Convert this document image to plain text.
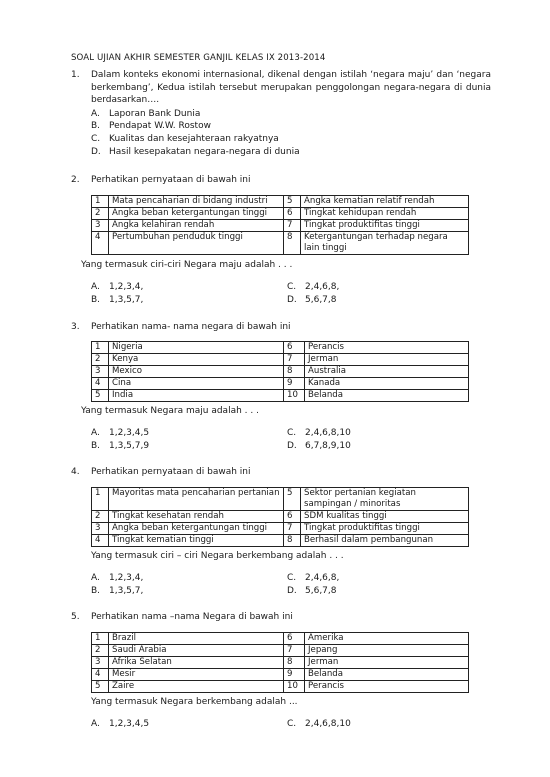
SOAL UJIAN AKHIR SEMESTER GANJIL KELAS IX 2013-2014
1. Dalam konteks ekonomi internasional, dikenal dengan istilah ‘negara maju’ dan ‘negara berkembang’, Kedua istilah tersebut merupakan penggolongan negara-negara di dunia berdasarkan….
A.	Laporan Bank Dunia
B. Pendapat W.W. Rostow
C. Kualitas dan kesejahteraan rakyatnya
D. Hasil kesepakatan negara-negara di dunia
2. Perhatikan pernyataan di bawah ini
1	Mata pencaharian di bidang industri	5	Angka kematian relatif rendah
2	Angka beban ketergantungan tinggi	6	Tingkat kehidupan rendah
3	Angka kelahiran rendah	7	Tingkat produktifitas tinggi
4	Pertumbuhan penduduk tinggi	8	Ketergantungan terhadap negara lain tinggi
Yang termasuk ciri-ciri Negara maju adalah . . .
A.	1,2,3,4,	C. 2,4,6,8,
B. 1,3,5,7,	D. 5,6,7,8
3. Perhatikan nama- nama negara di bawah ini
1	Nigeria	6	Perancis
2	Kenya	7	Jerman
3	Mexico	8	Australia
4	Cina	9	Kanada
5	India	10	Belanda
Yang termasuk Negara maju adalah . . .
A.	1,2,3,4,5	C. 2,4,6,8,10
B. 1,3,5,7,9	D. 6,7,8,9,10
4. Perhatikan pernyataan di bawah ini
1	Mayoritas mata pencaharian pertanian	5	Sektor pertanian kegiatan sampingan / minoritas
2	Tingkat kesehatan rendah	6	SDM kualitas tinggi
3	Angka beban ketergantungan tinggi	7	Tingkat produktifitas tinggi
4	Tingkat kematian tinggi	8	Berhasil dalam pembangunan
Yang termasuk ciri – ciri Negara berkembang adalah . . .
A.	1,2,3,4,	C. 2,4,6,8,
B. 1,3,5,7,	D. 5,6,7,8
5. Perhatikan nama –nama Negara di bawah ini
1	Brazil	6	Amerika
2	Saudi Arabia	7	Jepang
3	Afrika Selatan	8	Jerman
4	Mesir	9	Belanda
5	Zaire	10	Perancis
Yang termasuk Negara berkembang adalah ...
A.	1,2,3,4,5	C. 2,4,6,8,10
